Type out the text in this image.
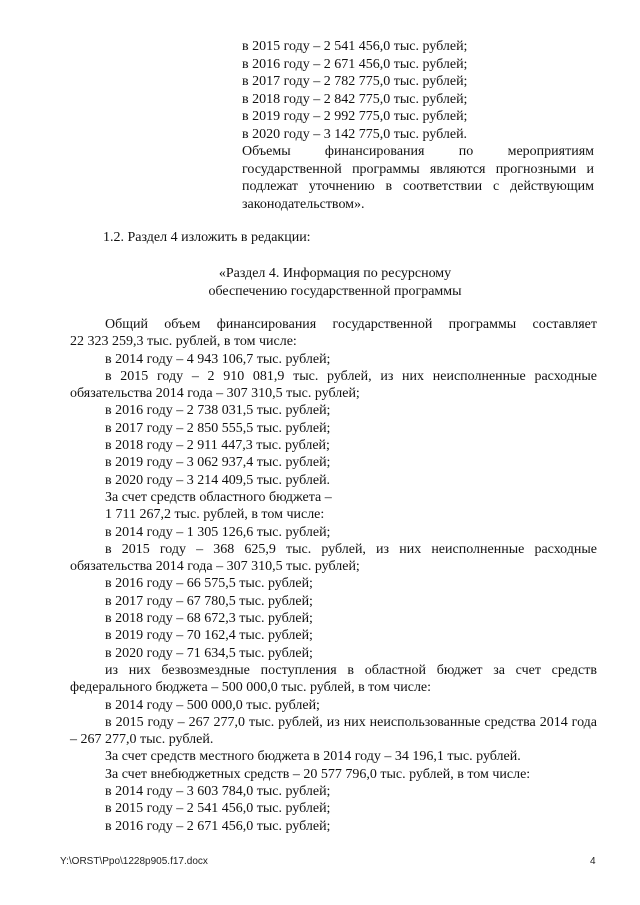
в 2015 году – 2 541 456,0 тыс. рублей;
в 2016 году – 2 671 456,0 тыс. рублей;
в 2017 году – 2 782 775,0 тыс. рублей;
в 2018 году – 2 842 775,0 тыс. рублей;
в 2019 году – 2 992 775,0 тыс. рублей;
в 2020 году – 3 142 775,0 тыс. рублей.
Объемы финансирования по мероприятиям государственной программы являются прогнозными и подлежат уточнению в соответствии с действующим законодательством».
1.2. Раздел 4 изложить в редакции:
«Раздел 4. Информация по ресурсному
обеспечению государственной программы
Общий объем финансирования государственной программы составляет
22 323 259,3 тыс. рублей, в том числе:
в 2014 году – 4 943 106,7 тыс. рублей;
в 2015 году – 2 910 081,9 тыс. рублей, из них неисполненные расходные обязательства 2014 года – 307 310,5 тыс. рублей;
в 2016 году – 2 738 031,5 тыс. рублей;
в 2017 году – 2 850 555,5 тыс. рублей;
в 2018 году – 2 911 447,3 тыс. рублей;
в 2019 году – 3 062 937,4 тыс. рублей;
в 2020 году – 3 214 409,5 тыс. рублей.
За счет средств областного бюджета –
1 711 267,2 тыс. рублей, в том числе:
в 2014 году – 1 305 126,6 тыс. рублей;
в 2015 году – 368 625,9 тыс. рублей, из них неисполненные расходные обязательства 2014 года – 307 310,5 тыс. рублей;
в 2016 году – 66 575,5 тыс. рублей;
в 2017 году – 67 780,5 тыс. рублей;
в 2018 году – 68 672,3 тыс. рублей;
в 2019 году – 70 162,4 тыс. рублей;
в 2020 году – 71 634,5 тыс. рублей;
из них безвозмездные поступления в областной бюджет за счет средств федерального бюджета – 500 000,0 тыс. рублей, в том числе:
в 2014 году – 500 000,0 тыс. рублей;
в 2015 году – 267 277,0 тыс. рублей, из них неиспользованные средства 2014 года – 267 277,0 тыс. рублей.
За счет средств местного бюджета в 2014 году – 34 196,1 тыс. рублей.
За счет внебюджетных средств – 20 577 796,0 тыс. рублей, в том числе:
в 2014 году – 3 603 784,0 тыс. рублей;
в 2015 году – 2 541 456,0 тыс. рублей;
в 2016 году – 2 671 456,0 тыс. рублей;
Y:\ORST\Ppo\1228p905.f17.docx	4
